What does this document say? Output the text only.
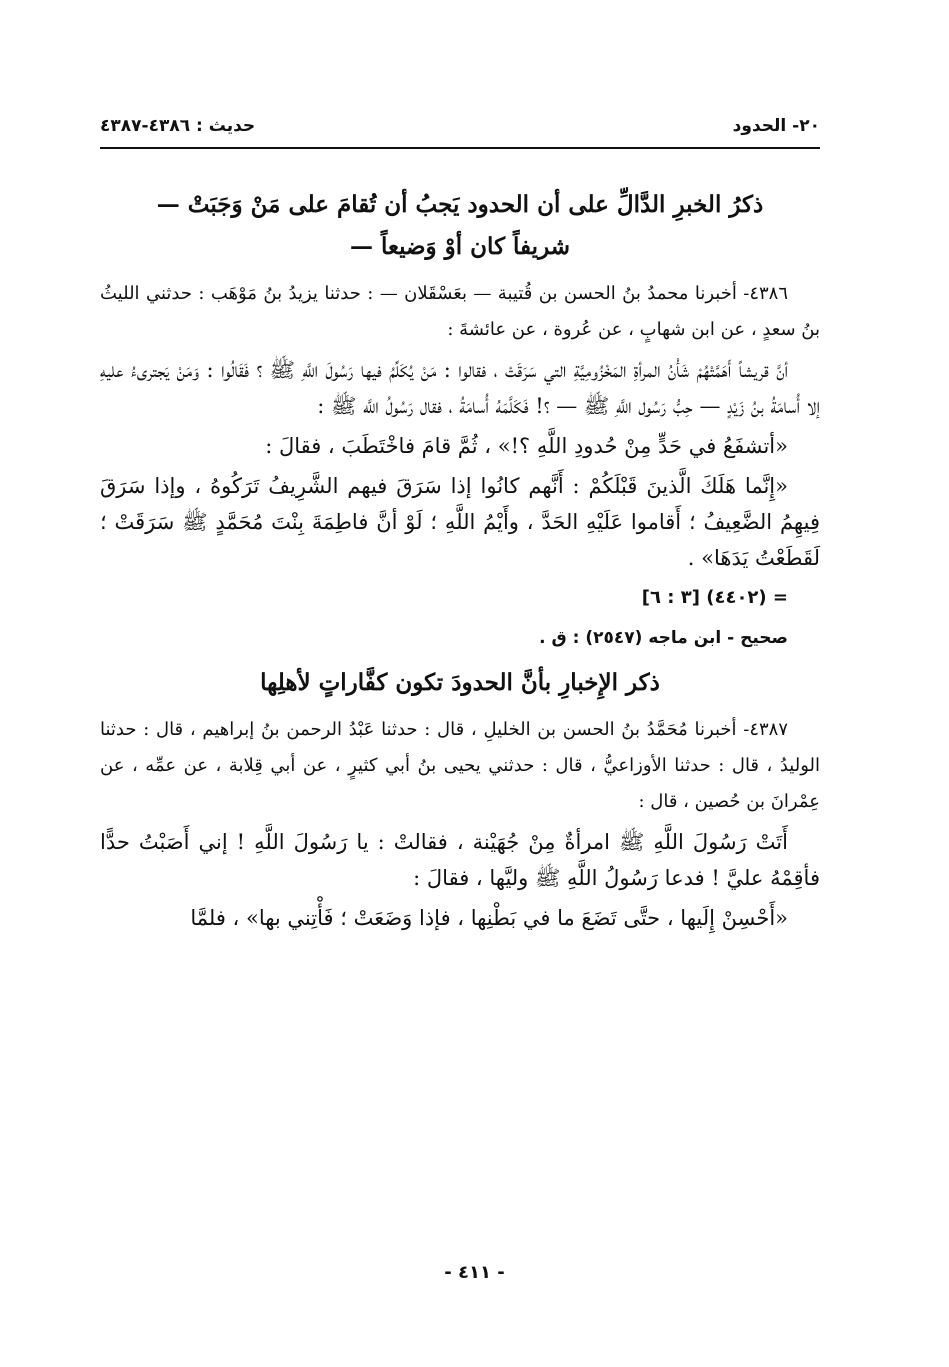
٢٠- الحدود
حديث : ٤٣٨٦-٤٣٨٧
ذكرُ الخبرِ الدَّالِّ على أن الحدود يَجبُ أن تُقامَ على مَنْ وَجَبَتْ — شريفاً كان أوْ وَضيعاً —

٤٣٨٦- أخبرنا محمدُ بنُ الحسن بن قُتيبة — بعَسْقَلان — : حدثنا يزيدُ بنُ مَوْهَب : حدثني الليثُ بنُ سعدٍ ، عن ابن شهابٍ ، عن عُروة ، عن عائشةَ :

أنَّ قريشاً أَهَمَّتْهُمْ شَأْنُ المرأةِ المَخْزُومِيَّةِ التي سَرَقَتْ ، فقالوا : مَنْ يُكَلِّمُ فيها رَسُولَ اللَّهِ ﷺ ؟ فَقَالُوا : وَمَنْ يَجترىءُ عليهِ إلا أُسامَةُ بنُ زَيْدٍ — حِبُّ رَسُول اللَّهِ ﷺ — ؟! فَكَلَّمَهُ أُسامَةُ ، فقال رَسُولُ اللَّه ﷺ :

«أتشفَعُ في حَدٍّ مِنْ حُدودِ اللَّهِ ؟!» ، ثُمَّ قامَ فاخْتَطَبَ ، فقالَ :

«إِنَّما هَلَكَ الَّذينَ قَبْلَكُمْ : أَنَّهم كانُوا إذا سَرَقَ فيهم الشَّرِيفُ تَرَكُوهُ ، وإذا سَرَقَ فِيهِمُ الضَّعِيفُ ؛ أَقاموا عَلَيْهِ الحَدَّ ، وأَيْمُ اللَّهِ ؛ لَوْ أنَّ فاطِمَةَ بِنْتَ مُحَمَّدٍ ﷺ سَرَقَتْ ؛ لَقَطَعْتُ يَدَهَا» .

= (٤٤٠٢) [٣ : ٦]

صحيح - ابن ماجه (٢٥٤٧) : ق .

ذكر الإِخبارِ بأنَّ الحدودَ تكون كفَّاراتٍ لأهلِها

٤٣٨٧- أخبرنا مُحَمَّدُ بنُ الحسن بن الخليلِ ، قال : حدثنا عَبْدُ الرحمن بنُ إبراهيم ، قال : حدثنا الوليدُ ، قال : حدثنا الأوزاعيُّ ، قال : حدثني يحيى بنُ أبي كثيرٍ ، عن أبي قِلابة ، عن عمِّه ، عن عِمْرانَ بن حُصين ، قال :

أَتَتْ رَسُولَ اللَّهِ ﷺ امرأةٌ مِنْ جُهَيْنة ، فقالتْ : يا رَسُولَ اللَّهِ ! إني أَصَبْتُ حدًّا فأقِمْهُ عليَّ ! فدعا رَسُولُ اللَّهِ ﷺ وليَّها ، فقالَ :

«أَحْسِنْ إِلَيها ، حتَّى تَضَعَ ما في بَطْنِها ، فإذا وَضَعَتْ ؛ فَأْتِني بها» ، فلمَّا

- ٤١١ -
